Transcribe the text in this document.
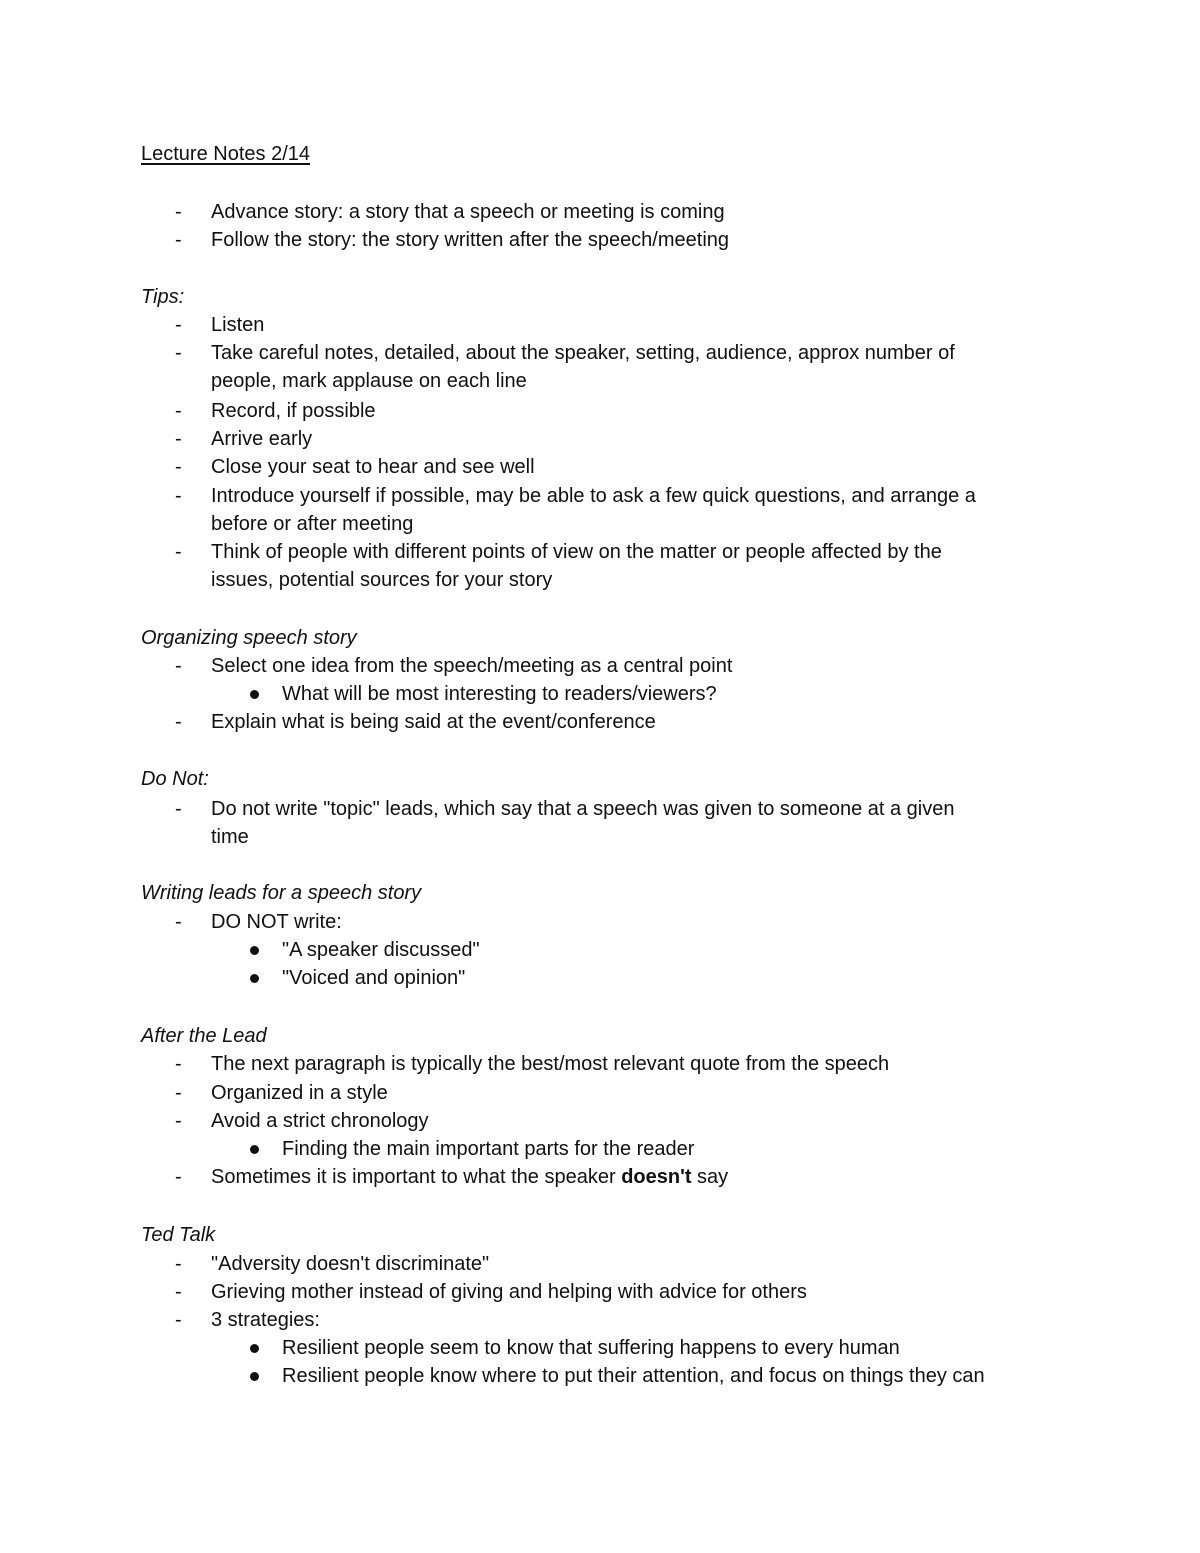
Lecture Notes 2/14
- Advance story: a story that a speech or meeting is coming
- Follow the story: the story written after the speech/meeting
Tips:
- Listen
- Take careful notes, detailed, about the speaker, setting, audience, approx number of
people, mark applause on each line
- Record, if possible
- Arrive early
- Close your seat to hear and see well
- Introduce yourself if possible, may be able to ask a few quick questions, and arrange a
before or after meeting
- Think of people with different points of view on the matter or people affected by the
issues, potential sources for your story
Organizing speech story
- Select one idea from the speech/meeting as a central point
What will be most interesting to readers/viewers?
- Explain what is being said at the event/conference
Do Not:
- Do not write "topic" leads, which say that a speech was given to someone at a given
time
Writing leads for a speech story
- DO NOT write:
"A speaker discussed"
"Voiced and opinion"
After the Lead
- The next paragraph is typically the best/most relevant quote from the speech
- Organized in a style
- Avoid a strict chronology
Finding the main important parts for the reader
- Sometimes it is important to what the speaker doesn't say
Ted Talk
- "Adversity doesn't discriminate"
- Grieving mother instead of giving and helping with advice for others
- 3 strategies:
Resilient people seem to know that suffering happens to every human
Resilient people know where to put their attention, and focus on things they can
